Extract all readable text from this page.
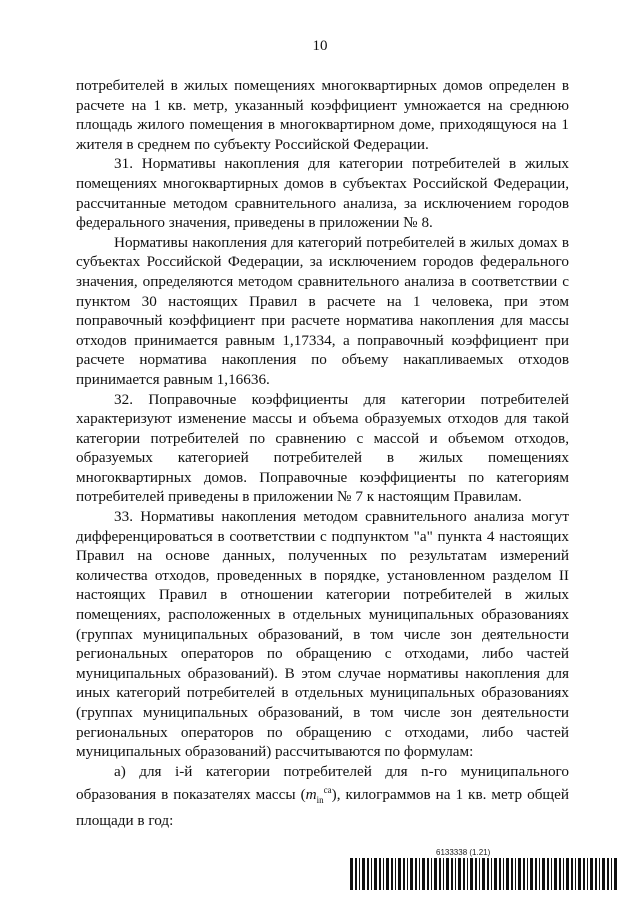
10

потребителей в жилых помещениях многоквартирных домов определен в расчете на 1 кв. метр, указанный коэффициент умножается на среднюю площадь жилого помещения в многоквартирном доме, приходящуюся на 1 жителя в среднем по субъекту Российской Федерации.

31. Нормативы накопления для категории потребителей в жилых помещениях многоквартирных домов в субъектах Российской Федерации, рассчитанные методом сравнительного анализа, за исключением городов федерального значения, приведены в приложении № 8.

Нормативы накопления для категорий потребителей в жилых домах в субъектах Российской Федерации, за исключением городов федерального значения, определяются методом сравнительного анализа в соответствии с пунктом 30 настоящих Правил в расчете на 1 человека, при этом поправочный коэффициент при расчете норматива накопления для массы отходов принимается равным 1,17334, а поправочный коэффициент при расчете норматива накопления по объему накапливаемых отходов принимается равным 1,16636.

32. Поправочные коэффициенты для категории потребителей характеризуют изменение массы и объема образуемых отходов для такой категории потребителей по сравнению с массой и объемом отходов, образуемых категорией потребителей в жилых помещениях многоквартирных домов. Поправочные коэффициенты по категориям потребителей приведены в приложении № 7 к настоящим Правилам.

33. Нормативы накопления методом сравнительного анализа могут дифференцироваться в соответствии с подпунктом "а" пункта 4 настоящих Правил на основе данных, полученных по результатам измерений количества отходов, проведенных в порядке, установленном разделом II настоящих Правил в отношении категории потребителей в жилых помещениях, расположенных в отдельных муниципальных образованиях (группах муниципальных образований, в том числе зон деятельности региональных операторов по обращению с отходами, либо частей муниципальных образований). В этом случае нормативы накопления для иных категорий потребителей в отдельных муниципальных образованиях (группах муниципальных образований, в том числе зон деятельности региональных операторов по обращению с отходами, либо частей муниципальных образований) рассчитываются по формулам:

а) для i-й категории потребителей для n-го муниципального образования в показателях массы $(m_{in}^{ca})$, килограммов на 1 кв. метр общей площади в год:

6133338 (1.21)
